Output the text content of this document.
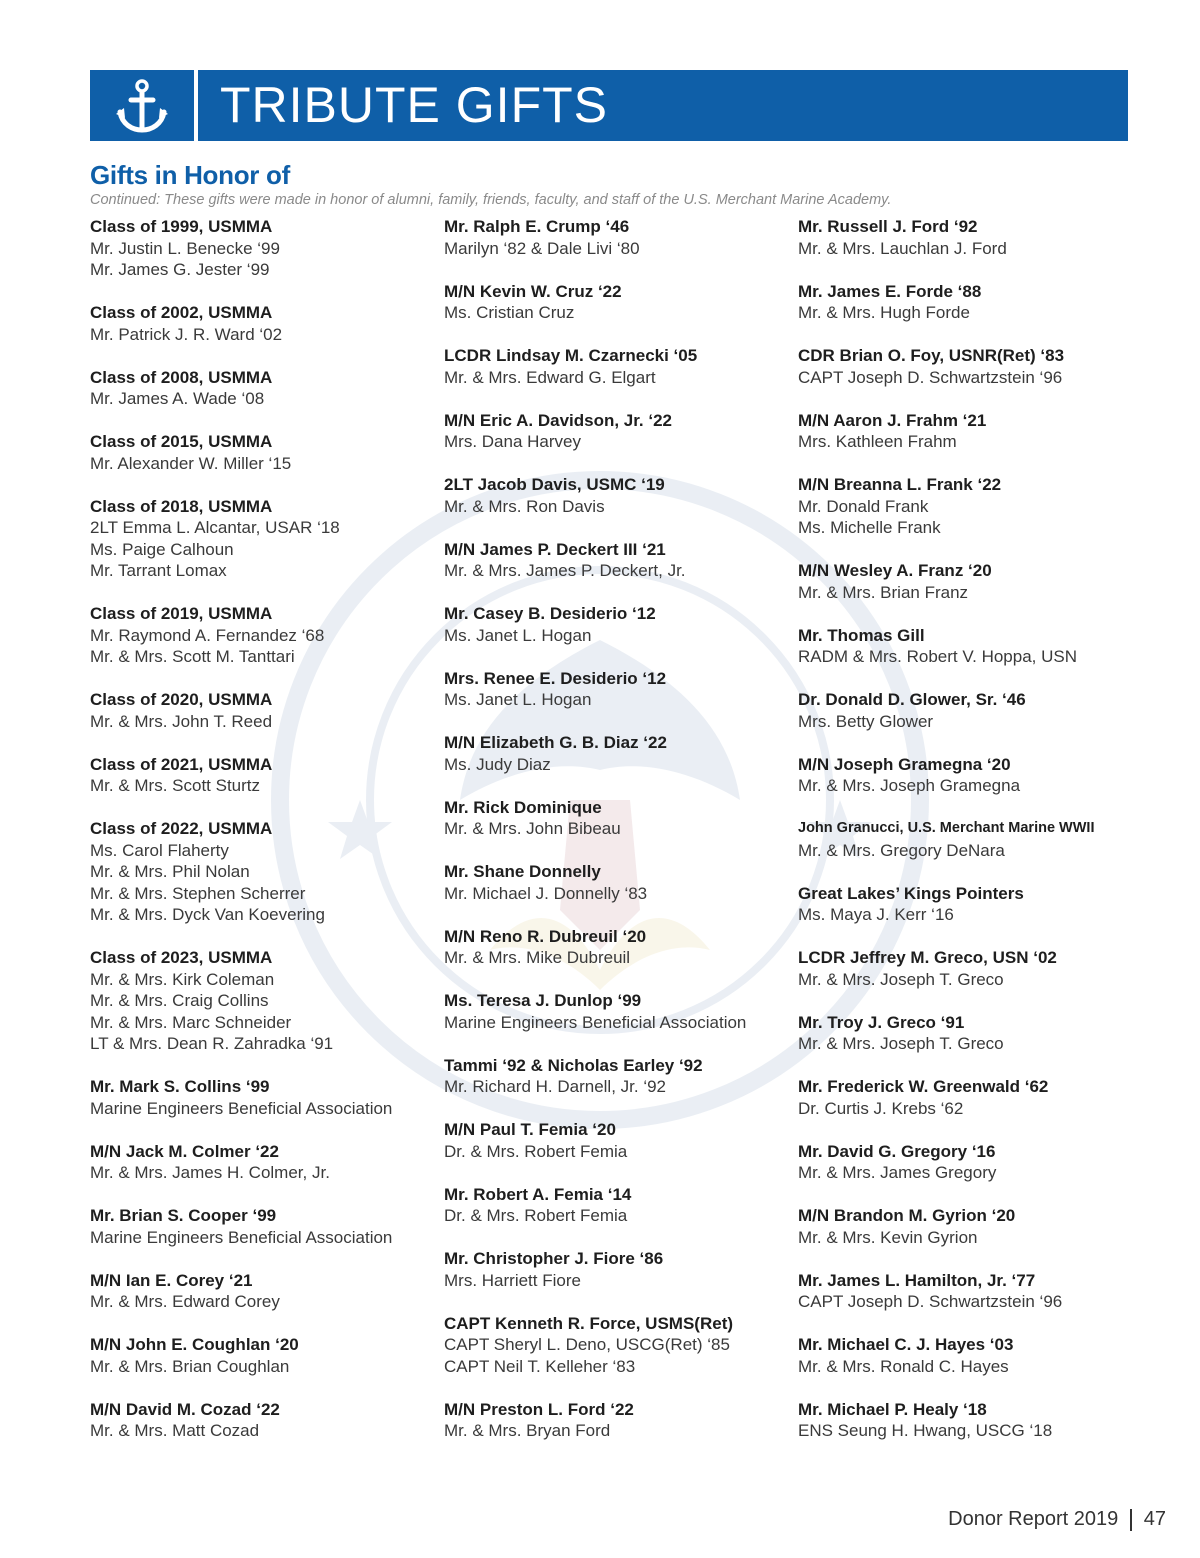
TRIBUTE GIFTS
Gifts in Honor of
Continued: These gifts were made in honor of alumni, family, friends, faculty, and staff of the U.S. Merchant Marine Academy.
Class of 1999, USMMA
Mr. Justin L. Benecke ‘99
Mr. James G. Jester ‘99
Class of 2002, USMMA
Mr. Patrick J. R. Ward ‘02
Class of 2008, USMMA
Mr. James A. Wade ‘08
Class of 2015, USMMA
Mr. Alexander W. Miller ‘15
Class of 2018, USMMA
2LT Emma L. Alcantar, USAR ‘18
Ms. Paige Calhoun
Mr. Tarrant Lomax
Class of 2019, USMMA
Mr. Raymond A. Fernandez ‘68
Mr. & Mrs. Scott M. Tanttari
Class of 2020, USMMA
Mr. & Mrs. John T. Reed
Class of 2021, USMMA
Mr. & Mrs. Scott Sturtz
Class of 2022, USMMA
Ms. Carol Flaherty
Mr. & Mrs. Phil Nolan
Mr. & Mrs. Stephen Scherrer
Mr. & Mrs. Dyck Van Koevering
Class of 2023, USMMA
Mr. & Mrs. Kirk Coleman
Mr. & Mrs. Craig Collins
Mr. & Mrs. Marc Schneider
LT & Mrs. Dean R. Zahradka ‘91
Mr. Mark S. Collins ‘99
Marine Engineers Beneficial Association
M/N Jack M. Colmer ‘22
Mr. & Mrs. James H. Colmer, Jr.
Mr. Brian S. Cooper ‘99
Marine Engineers Beneficial Association
M/N Ian E. Corey ‘21
Mr. & Mrs. Edward Corey
M/N John E. Coughlan ‘20
Mr. & Mrs. Brian Coughlan
M/N David M. Cozad ‘22
Mr. & Mrs. Matt Cozad
Mr. Ralph E. Crump ‘46
Marilyn ‘82 & Dale Livi ‘80
M/N Kevin W. Cruz ‘22
Ms. Cristian Cruz
LCDR Lindsay M. Czarnecki ‘05
Mr. & Mrs. Edward G. Elgart
M/N Eric A. Davidson, Jr. ‘22
Mrs. Dana Harvey
2LT Jacob Davis, USMC ‘19
Mr. & Mrs. Ron Davis
M/N James P. Deckert III ‘21
Mr. & Mrs. James P. Deckert, Jr.
Mr. Casey B. Desiderio ‘12
Ms. Janet L. Hogan
Mrs. Renee E. Desiderio ‘12
Ms. Janet L. Hogan
M/N Elizabeth G. B. Diaz ‘22
Ms. Judy Diaz
Mr. Rick Dominique
Mr. & Mrs. John Bibeau
Mr. Shane Donnelly
Mr. Michael J. Donnelly ‘83
M/N Reno R. Dubreuil ‘20
Mr. & Mrs. Mike Dubreuil
Ms. Teresa J. Dunlop ‘99
Marine Engineers Beneficial Association
Tammi ‘92 & Nicholas Earley ‘92
Mr. Richard H. Darnell, Jr. ‘92
M/N Paul T. Femia ‘20
Dr. & Mrs. Robert Femia
Mr. Robert A. Femia ‘14
Dr. & Mrs. Robert Femia
Mr. Christopher J. Fiore ‘86
Mrs. Harriett Fiore
CAPT Kenneth R. Force, USMS(Ret)
CAPT Sheryl L. Deno, USCG(Ret) ‘85
CAPT Neil T. Kelleher ‘83
M/N Preston L. Ford ‘22
Mr. & Mrs. Bryan Ford
Mr. Russell J. Ford ‘92
Mr. & Mrs. Lauchlan J. Ford
Mr. James E. Forde ‘88
Mr. & Mrs. Hugh Forde
CDR Brian O. Foy, USNR(Ret) ‘83
CAPT Joseph D. Schwartzstein ‘96
M/N Aaron J. Frahm ‘21
Mrs. Kathleen Frahm
M/N Breanna L. Frank ‘22
Mr. Donald Frank
Ms. Michelle Frank
M/N Wesley A. Franz ‘20
Mr. & Mrs. Brian Franz
Mr. Thomas Gill
RADM & Mrs. Robert V. Hoppa, USN
Dr. Donald D. Glower, Sr. ‘46
Mrs. Betty Glower
M/N Joseph Gramegna ‘20
Mr. & Mrs. Joseph Gramegna
John Granucci, U.S. Merchant Marine WWII
Mr. & Mrs. Gregory DeNara
Great Lakes’ Kings Pointers
Ms. Maya J. Kerr ‘16
LCDR Jeffrey M. Greco, USN ‘02
Mr. & Mrs. Joseph T. Greco
Mr. Troy J. Greco ‘91
Mr. & Mrs. Joseph T. Greco
Mr. Frederick W. Greenwald ‘62
Dr. Curtis J. Krebs ‘62
Mr. David G. Gregory ‘16
Mr. & Mrs. James Gregory
M/N Brandon M. Gyrion ‘20
Mr. & Mrs. Kevin Gyrion
Mr. James L. Hamilton, Jr. ‘77
CAPT Joseph D. Schwartzstein ‘96
Mr. Michael C. J. Hayes ‘03
Mr. & Mrs. Ronald C. Hayes
Mr. Michael P. Healy ‘18
ENS Seung H. Hwang, USCG ‘18
Donor Report 2019 47
